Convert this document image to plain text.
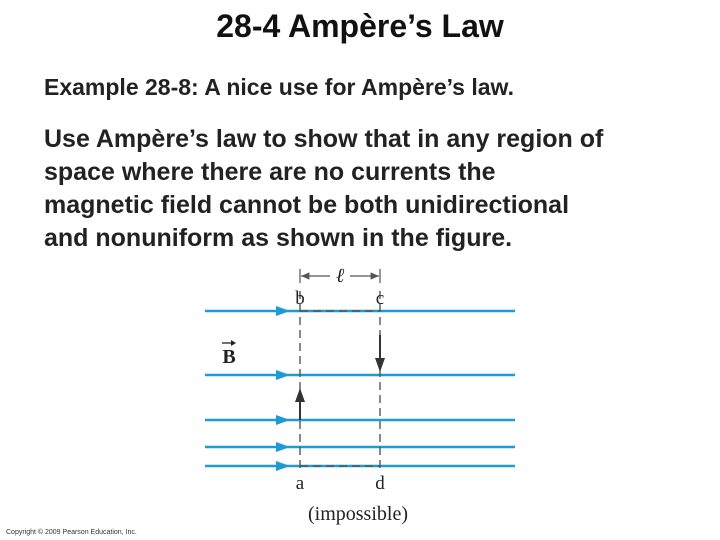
28-4 Ampère’s Law
Example 28-8: A nice use for Ampère’s law.
Use Ampère’s law to show that in any region of
space where there are no currents the
magnetic field cannot be both unidirectional
and nonuniform as shown in the figure.
ℓ
b	c
a	d
B
(impossible)
Copyright © 2009 Pearson Education, Inc.
